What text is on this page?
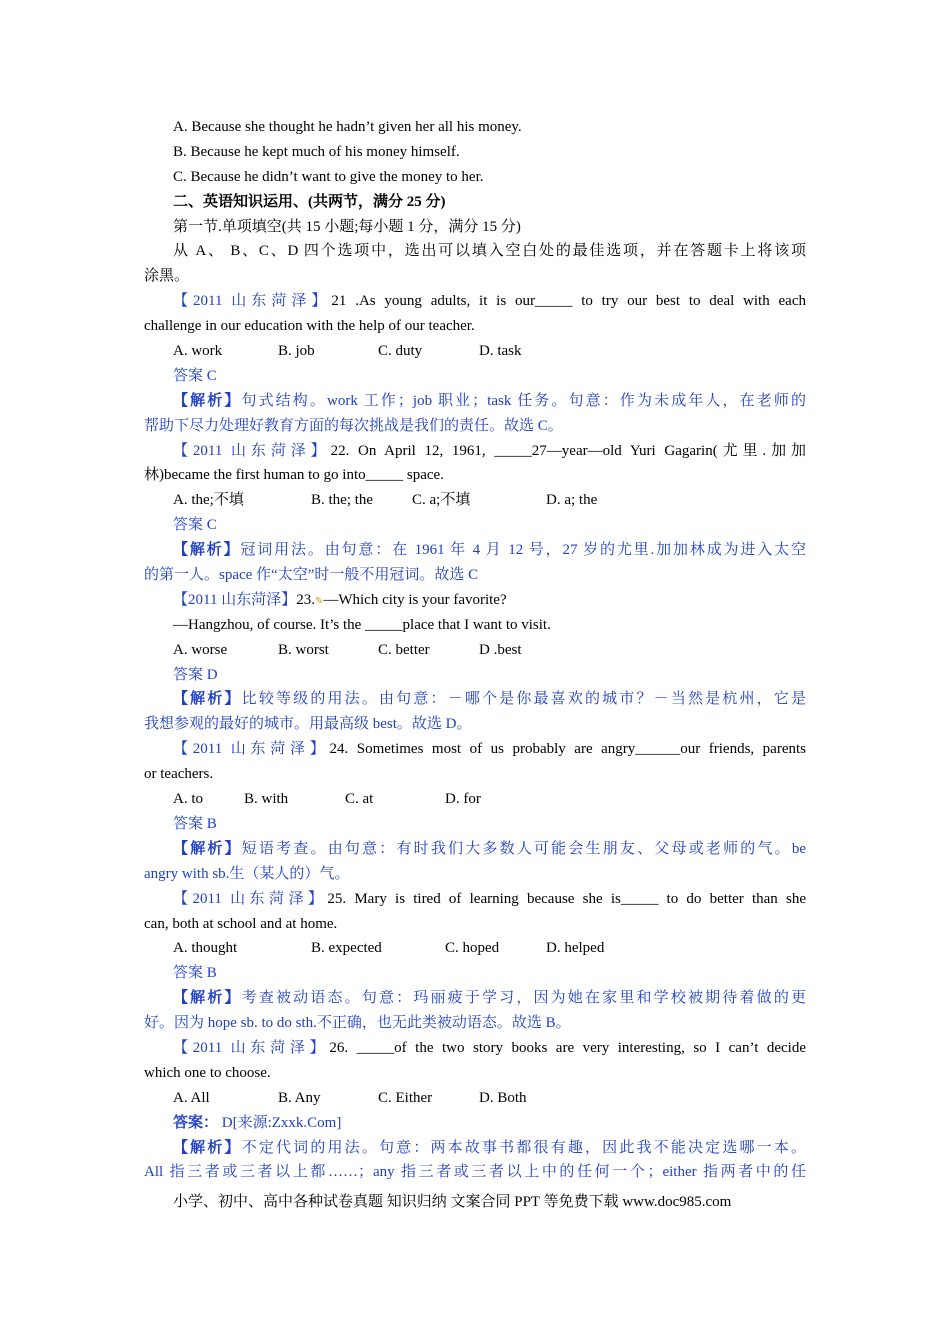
A. Because she thought he hadn’t given her all his money.
B. Because he kept much of his money himself.
C. Because he didn’t want to give the money to her.
二、英语知识运用、(共两节，满分 25 分)
第一节.单项填空(共 15 小题;每小题 1 分，满分 15 分)
从 A、 B、C、D 四个选项中，选出可以填入空白处的最佳选项，并在答题卡上将该项
涂黑。
【2011 山东菏泽】21 .As young adults, it is our_____ to try our best to deal with each
challenge in our education with the help of our teacher.
A. work	B. job	C. duty	D. task
答案 C
【解析】句式结构。work 工作；job 职业；task 任务。句意：作为未成年人，在老师的
帮助下尽力处理好教育方面的每次挑战是我们的责任。故选 C。
【2011 山东菏泽】22. On April 12, 1961, _____27—year—old Yuri Gagarin(尤里.加加
林)became the first human to go into_____ space.
A. the;不填	B. the; the	C. a;不填	D. a; the
答案 C
【解析】冠词用法。由句意：在 1961 年 4 月 12 号，27 岁的尤里.加加林成为进入太空
的第一人。space 作“太空”时一般不用冠词。故选 C
【2011 山东菏泽】23.✎—Which city is your favorite?
—Hangzhou, of course. It’s the _____place that I want to visit.
A. worse	B. worst	C. better	D .best
答案 D
【解析】比较等级的用法。由句意：－哪个是你最喜欢的城市？－当然是杭州，它是
我想参观的最好的城市。用最高级 best。故选 D。
【2011 山东菏泽】24. Sometimes most of us probably are angry______our friends, parents
or teachers.
A. to	B. with	C. at	D. for
答案 B
【解析】短语考查。由句意：有时我们大多数人可能会生朋友、父母或老师的气。be
angry with sb.生（某人的）气。
【2011 山东菏泽】25. Mary is tired of learning because she is_____ to do better than she
can, both at school and at home.
A. thought	B. expected	C. hoped	D. helped
答案 B
【解析】考查被动语态。句意：玛丽疲于学习，因为她在家里和学校被期待着做的更
好。因为 hope sb. to do sth.不正确，也无此类被动语态。故选 B。
【2011 山东菏泽】26. _____of the two story books are very interesting, so I can’t decide
which one to choose.
A. All	B. Any	C. Either	D. Both
答案： D[来源:Zxxk.Com]
【解析】不定代词的用法。句意：两本故事书都很有趣，因此我不能决定选哪一本。
All 指三者或三者以上都……；any 指三者或三者以上中的任何一个；either 指两者中的任
小学、初中、高中各种试卷真题 知识归纳 文案合同 PPT 等免费下载 www.doc985.com
